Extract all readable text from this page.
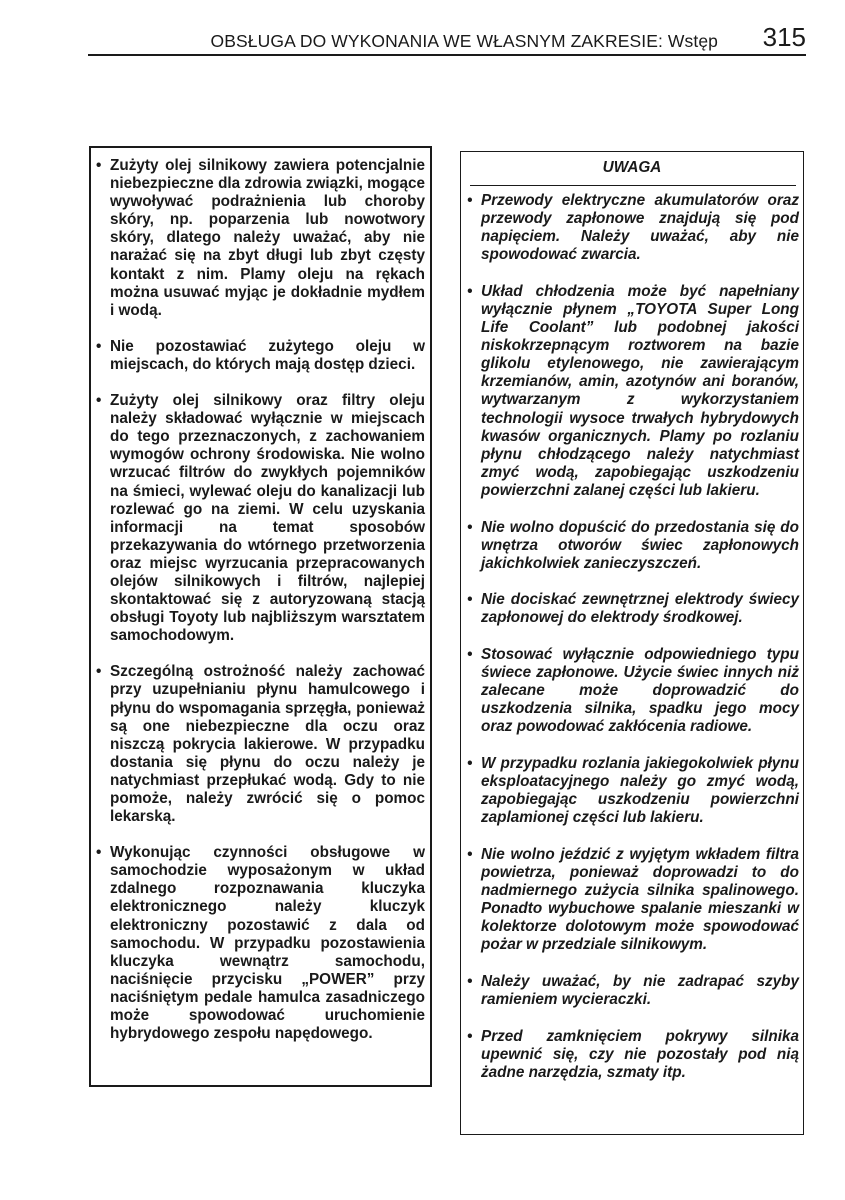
OBSŁUGA DO WYKONANIA WE WŁASNYM ZAKRESIE: Wstęp 315
• Zużyty olej silnikowy zawiera potencjalnie niebezpieczne dla zdrowia związki, mogące wywoływać podrażnienia lub choroby skóry, np. poparzenia lub nowotwory skóry, dlatego należy uważać, aby nie narażać się na zbyt długi lub zbyt częsty kontakt z nim. Plamy oleju na rękach można usuwać myjąc je dokładnie mydłem i wodą.
• Nie pozostawiać zużytego oleju w miejscach, do których mają dostęp dzieci.
• Zużyty olej silnikowy oraz filtry oleju należy składować wyłącznie w miejscach do tego przeznaczonych, z zachowaniem wymogów ochrony środowiska. Nie wolno wrzucać filtrów do zwykłych pojemników na śmieci, wylewać oleju do kanalizacji lub rozlewać go na ziemi. W celu uzyskania informacji na temat sposobów przekazywania do wtórnego przetworzenia oraz miejsc wyrzucania przepracowanych olejów silnikowych i filtrów, najlepiej skontaktować się z autoryzowaną stacją obsługi Toyoty lub najbliższym warsztatem samochodowym.
• Szczególną ostrożność należy zachować przy uzupełnianiu płynu hamulcowego i płynu do wspomagania sprzęgła, ponieważ są one niebezpieczne dla oczu oraz niszczą pokrycia lakierowe. W przypadku dostania się płynu do oczu należy je natychmiast przepłukać wodą. Gdy to nie pomoże, należy zwrócić się o pomoc lekarską.
• Wykonując czynności obsługowe w samochodzie wyposażonym w układ zdalnego rozpoznawania kluczyka elektronicznego należy kluczyk elektroniczny pozostawić z dala od samochodu. W przypadku pozostawienia kluczyka wewnątrz samochodu, naciśnięcie przycisku „POWER” przy naciśniętym pedale hamulca zasadniczego może spowodować uruchomienie hybrydowego zespołu napędowego.
UWAGA
• Przewody elektryczne akumulatorów oraz przewody zapłonowe znajdują się pod napięciem. Należy uważać, aby nie spowodować zwarcia.
• Układ chłodzenia może być napełniany wyłącznie płynem „TOYOTA Super Long Life Coolant” lub podobnej jakości niskokrzepnącym roztworem na bazie glikolu etylenowego, nie zawierającym krzemianów, amin, azotynów ani boranów, wytwarzanym z wykorzystaniem technologii wysoce trwałych hybrydowych kwasów organicznych. Plamy po rozlaniu płynu chłodzącego należy natychmiast zmyć wodą, zapobiegając uszkodzeniu powierzchni zalanej części lub lakieru.
• Nie wolno dopuścić do przedostania się do wnętrza otworów świec zapłonowych jakichkolwiek zanieczyszczeń.
• Nie dociskać zewnętrznej elektrody świecy zapłonowej do elektrody środkowej.
• Stosować wyłącznie odpowiedniego typu świece zapłonowe. Użycie świec innych niż zalecane może doprowadzić do uszkodzenia silnika, spadku jego mocy oraz powodować zakłócenia radiowe.
• W przypadku rozlania jakiegokolwiek płynu eksploatacyjnego należy go zmyć wodą, zapobiegając uszkodzeniu powierzchni zaplamionej części lub lakieru.
• Nie wolno jeździć z wyjętym wkładem filtra powietrza, ponieważ doprowadzi to do nadmiernego zużycia silnika spalinowego. Ponadto wybuchowe spalanie mieszanki w kolektorze dolotowym może spowodować pożar w przedziale silnikowym.
• Należy uważać, by nie zadrapać szyby ramieniem wycieraczki.
• Przed zamknięciem pokrywy silnika upewnić się, czy nie pozostały pod nią żadne narzędzia, szmaty itp.
